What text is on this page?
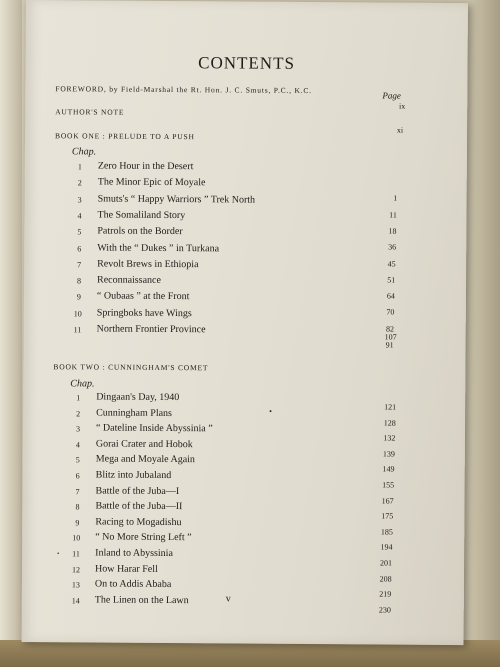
CONTENTS
Page
FOREWORD, by Field-Marshal the Rt. Hon. J. C. Smuts, P.C., K.C.
ix
AUTHOR'S NOTE
xi
BOOK ONE : PRELUDE TO A PUSH
Chap.
1 Zero Hour in the Desert
2 The Minor Epic of Moyale
1
3 Smuts's “ Happy Warriors ” Trek North
11
4 The Somaliland Story
18
5 Patrols on the Border
36
6 With the “ Dukes ” in Turkana
45
7 Revolt Brews in Ethiopia
51
8 Reconnaissance
64
9 “ Oubaas ” at the Front
70
10 Springboks have Wings
82
11 Northern Frontier Province
91
107
BOOK TWO : CUNNINGHAM'S COMET
Chap.
1 Dingaan's Day, 1940
121
2 Cunningham Plans
128
3 “ Dateline Inside Abyssinia ”
132
4 Gorai Crater and Hobok
139
5 Mega and Moyale Again
149
6 Blitz into Jubaland
155
7 Battle of the Juba—I
167
8 Battle of the Juba—II
175
9 Racing to Mogadishu
185
10 “ No More String Left ”
194
11 Inland to Abyssinia
201
12 How Harar Fell
208
13 On to Addis Ababa
219
14 The Linen on the Lawn
230
v
•
•
